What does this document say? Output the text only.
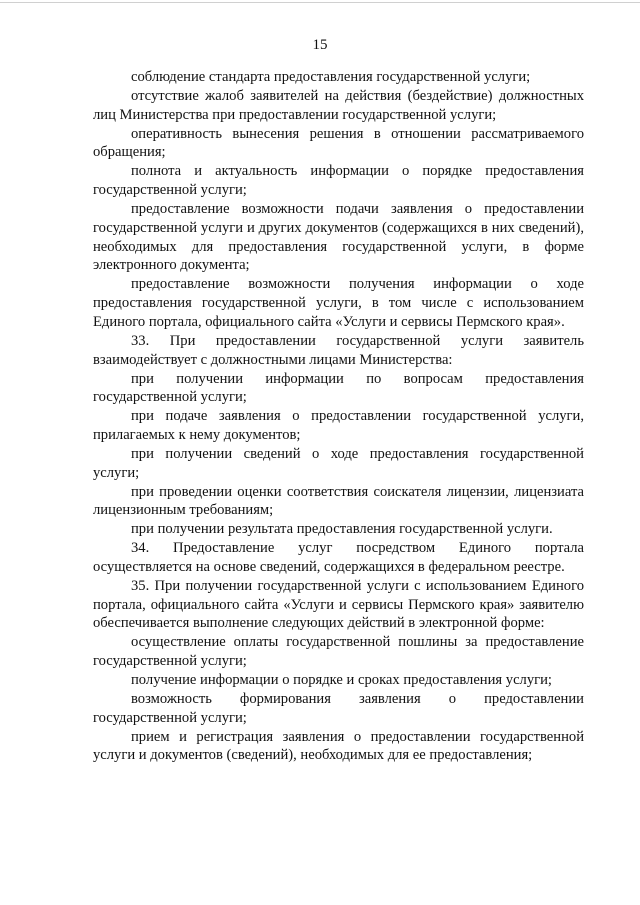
15

соблюдение стандарта предоставления государственной услуги;

отсутствие жалоб заявителей на действия (бездействие) должностных лиц Министерства при предоставлении государственной услуги;

оперативность вынесения решения в отношении рассматриваемого обращения;

полнота и актуальность информации о порядке предоставления государственной услуги;

предоставление возможности подачи заявления о предоставлении государственной услуги и других документов (содержащихся в них сведений), необходимых для предоставления государственной услуги, в форме электронного документа;

предоставление возможности получения информации о ходе предоставления государственной услуги, в том числе с использованием Единого портала, официального сайта «Услуги и сервисы Пермского края».

33. При предоставлении государственной услуги заявитель взаимодействует с должностными лицами Министерства:

при получении информации по вопросам предоставления государственной услуги;

при подаче заявления о предоставлении государственной услуги, прилагаемых к нему документов;

при получении сведений о ходе предоставления государственной услуги;

при проведении оценки соответствия соискателя лицензии, лицензиата лицензионным требованиям;

при получении результата предоставления государственной услуги.

34. Предоставление услуг посредством Единого портала осуществляется на основе сведений, содержащихся в федеральном реестре.

35. При получении государственной услуги с использованием Единого портала, официального сайта «Услуги и сервисы Пермского края» заявителю обеспечивается выполнение следующих действий в электронной форме:

осуществление оплаты государственной пошлины за предоставление государственной услуги;

получение информации о порядке и сроках предоставления услуги;

возможность формирования заявления о предоставлении государственной услуги;

прием и регистрация заявления о предоставлении государственной услуги и документов (сведений), необходимых для ее предоставления;
